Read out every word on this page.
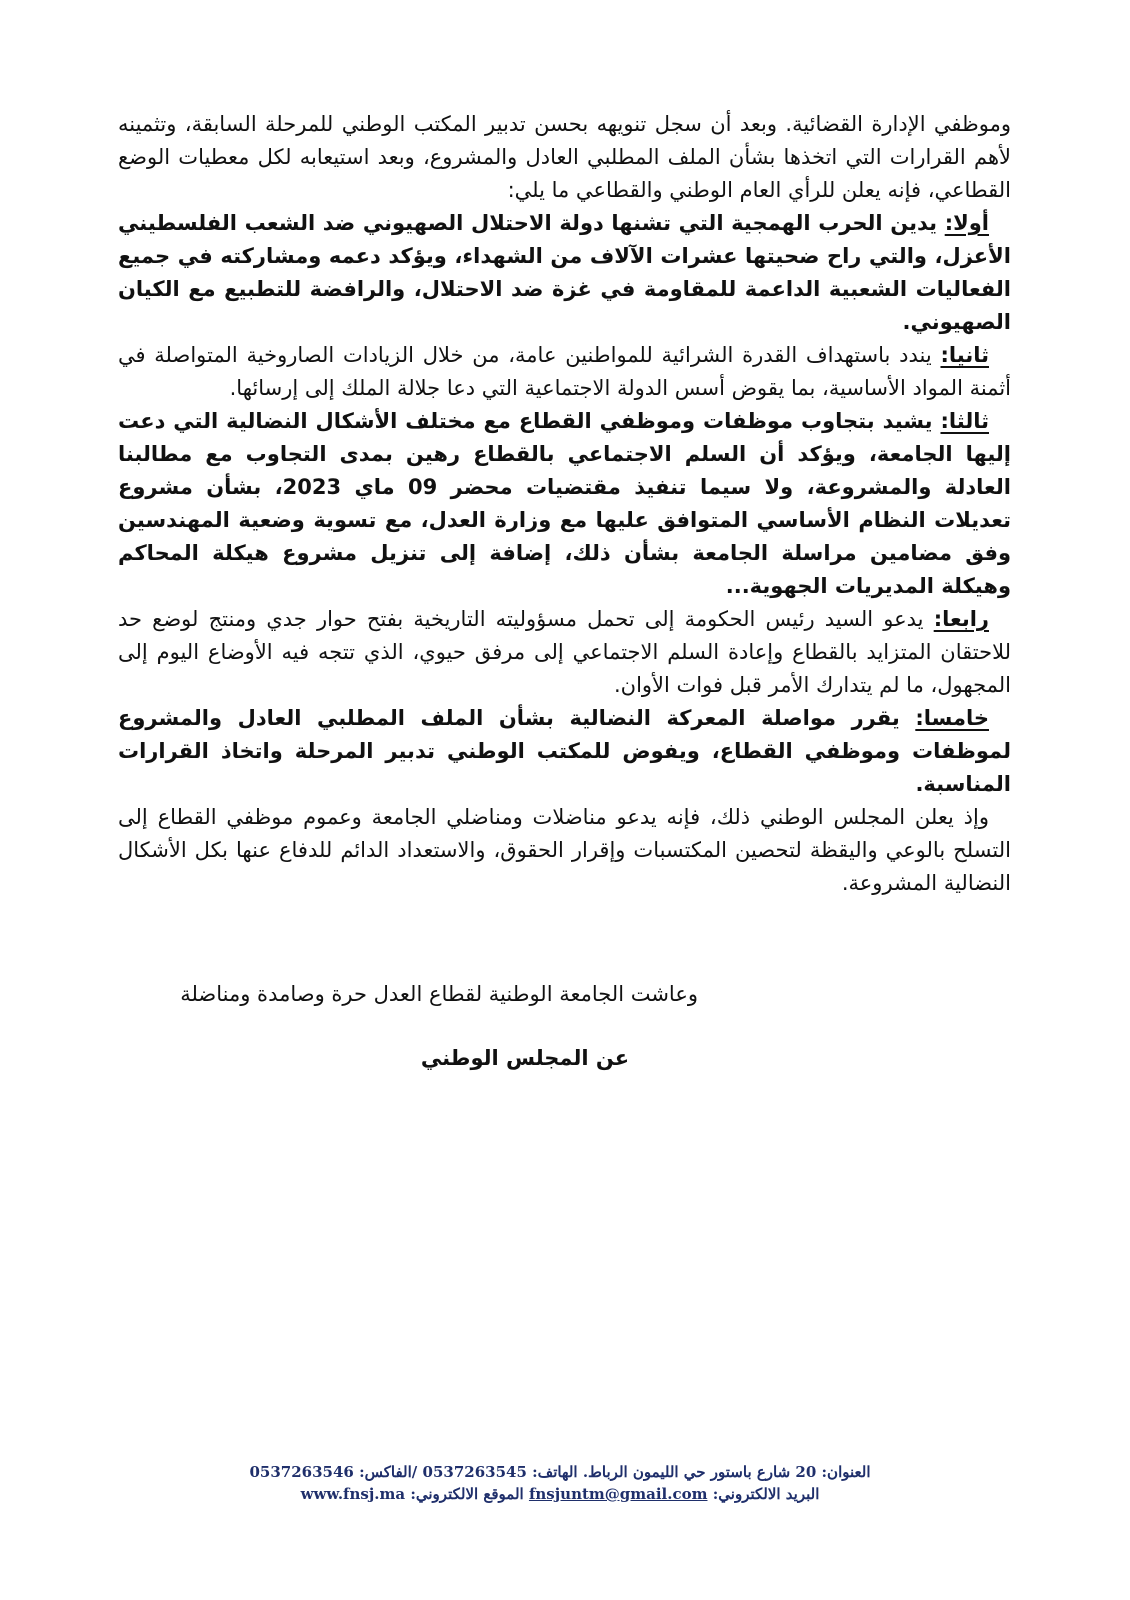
وموظفي الإدارة القضائية. وبعد أن سجل تنويهه بحسن تدبير المكتب الوطني للمرحلة السابقة، وتثمينه لأهم القرارات التي اتخذها بشأن الملف المطلبي العادل والمشروع، وبعد استيعابه لكل معطيات الوضع القطاعي، فإنه يعلن للرأي العام الوطني والقطاعي ما يلي:

أولا: يدين الحرب الهمجية التي تشنها دولة الاحتلال الصهيوني ضد الشعب الفلسطيني الأعزل، والتي راح ضحيتها عشرات الآلاف من الشهداء، ويؤكد دعمه ومشاركته في جميع الفعاليات الشعبية الداعمة للمقاومة في غزة ضد الاحتلال، والرافضة للتطبيع مع الكيان الصهيوني.

ثانيا: يندد باستهداف القدرة الشرائية للمواطنين عامة، من خلال الزيادات الصاروخية المتواصلة في أثمنة المواد الأساسية، بما يقوض أسس الدولة الاجتماعية التي دعا جلالة الملك إلى إرسائها.

ثالثا: يشيد بتجاوب موظفات وموظفي القطاع مع مختلف الأشكال النضالية التي دعت إليها الجامعة، ويؤكد أن السلم الاجتماعي بالقطاع رهين بمدى التجاوب مع مطالبنا العادلة والمشروعة، ولا سيما تنفيذ مقتضيات محضر 09 ماي 2023، بشأن مشروع تعديلات النظام الأساسي المتوافق عليها مع وزارة العدل، مع تسوية وضعية المهندسين وفق مضامين مراسلة الجامعة بشأن ذلك، إضافة إلى تنزيل مشروع هيكلة المحاكم وهيكلة المديريات الجهوية...

رابعا: يدعو السيد رئيس الحكومة إلى تحمل مسؤوليته التاريخية بفتح حوار جدي ومنتج لوضع حد للاحتقان المتزايد بالقطاع وإعادة السلم الاجتماعي إلى مرفق حيوي، الذي تتجه فيه الأوضاع اليوم إلى المجهول، ما لم يتدارك الأمر قبل فوات الأوان.

خامسا: يقرر مواصلة المعركة النضالية بشأن الملف المطلبي العادل والمشروع لموظفات وموظفي القطاع، ويفوض للمكتب الوطني تدبير المرحلة واتخاذ القرارات المناسبة.

وإذ يعلن المجلس الوطني ذلك، فإنه يدعو مناضلات ومناضلي الجامعة وعموم موظفي القطاع إلى التسلح بالوعي واليقظة لتحصين المكتسبات وإقرار الحقوق، والاستعداد الدائم للدفاع عنها بكل الأشكال النضالية المشروعة.

وعاشت الجامعة الوطنية لقطاع العدل حرة وصامدة ومناضلة
عن المجلس الوطني
العنوان: 20 شارع باستور حي الليمون الرباط. الهاتف: 0537263545 /الفاكس: 0537263546
البريد الالكتروني: fnsjuntm@gmail.com الموقع الالكتروني: www.fnsj.ma
